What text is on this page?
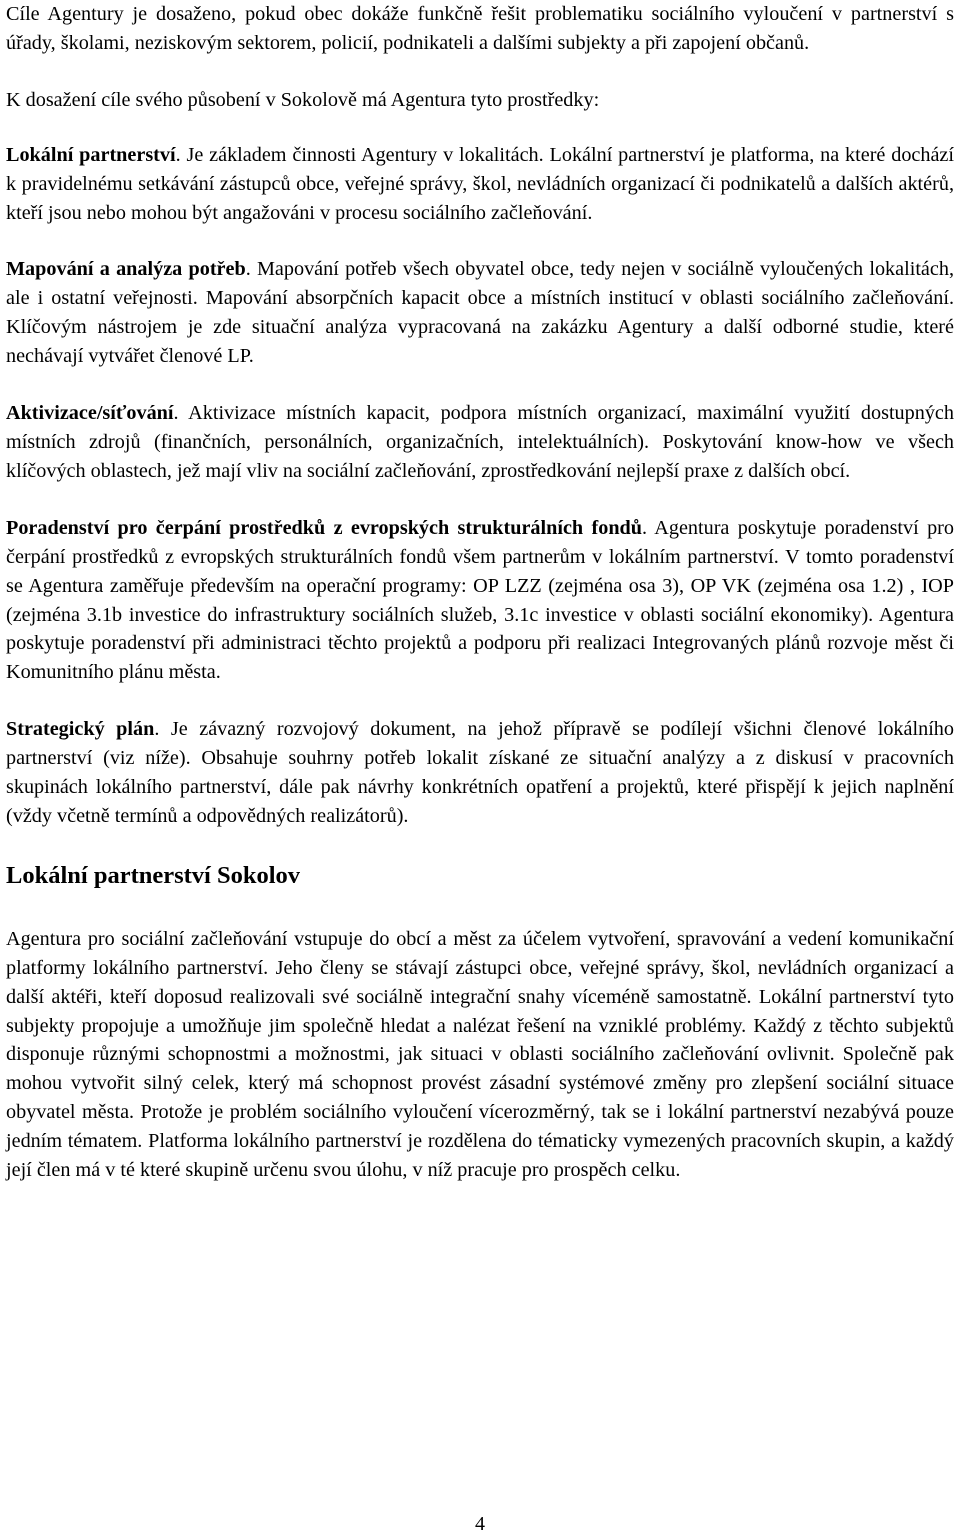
Cíle Agentury je dosaženo, pokud obec dokáže funkčně řešit problematiku sociálního vyloučení v partnerství s úřady, školami, neziskovým sektorem, policií, podnikateli a dalšími subjekty a při zapojení občanů.

K dosažení cíle svého působení v Sokolově má Agentura tyto prostředky:

Lokální partnerství. Je základem činnosti Agentury v lokalitách. Lokální partnerství je platforma, na které dochází k pravidelnému setkávání zástupců obce, veřejné správy, škol, nevládních organizací či podnikatelů a dalších aktérů, kteří jsou nebo mohou být angažováni v procesu sociálního začleňování.

Mapování a analýza potřeb. Mapování potřeb všech obyvatel obce, tedy nejen v sociálně vyloučených lokalitách, ale i ostatní veřejnosti. Mapování absorpčních kapacit obce a místních institucí v oblasti sociálního začleňování. Klíčovým nástrojem je zde situační analýza vypracovaná na zakázku Agentury a další odborné studie, které nechávají vytvářet členové LP.

Aktivizace/síťování. Aktivizace místních kapacit, podpora místních organizací, maximální využití dostupných místních zdrojů (finančních, personálních, organizačních, intelektuálních). Poskytování know-how ve všech klíčových oblastech, jež mají vliv na sociální začleňování, zprostředkování nejlepší praxe z dalších obcí.

Poradenství pro čerpání prostředků z evropských strukturálních fondů. Agentura poskytuje poradenství pro čerpání prostředků z evropských strukturálních fondů všem partnerům v lokálním partnerství. V tomto poradenství se Agentura zaměřuje především na operační programy: OP LZZ (zejména osa 3), OP VK (zejména osa 1.2) , IOP (zejména 3.1b investice do infrastruktury sociálních služeb, 3.1c investice v oblasti sociální ekonomiky). Agentura poskytuje poradenství při administraci těchto projektů a podporu při realizaci Integrovaných plánů rozvoje měst či Komunitního plánu města.

Strategický plán. Je závazný rozvojový dokument, na jehož přípravě se podílejí všichni členové lokálního partnerství (viz níže). Obsahuje souhrny potřeb lokalit získané ze situační analýzy a z diskusí v pracovních skupinách lokálního partnerství, dále pak návrhy konkrétních opatření a projektů, které přispějí k jejich naplnění (vždy včetně termínů a odpovědných realizátorů).

Lokální partnerství Sokolov

Agentura pro sociální začleňování vstupuje do obcí a měst za účelem vytvoření, spravování a vedení komunikační platformy lokálního partnerství. Jeho členy se stávají zástupci obce, veřejné správy, škol, nevládních organizací a další aktéři, kteří doposud realizovali své sociálně integrační snahy víceméně samostatně. Lokální partnerství tyto subjekty propojuje a umožňuje jim společně hledat a nalézat řešení na vzniklé problémy. Každý z těchto subjektů disponuje různými schopnostmi a možnostmi, jak situaci v oblasti sociálního začleňování ovlivnit. Společně pak mohou vytvořit silný celek, který má schopnost provést zásadní systémové změny pro zlepšení sociální situace obyvatel města. Protože je problém sociálního vyloučení vícerozměrný, tak se i lokální partnerství nezabývá pouze jedním tématem. Platforma lokálního partnerství je rozdělena do tématicky vymezených pracovních skupin, a každý její člen má v té které skupině určenu svou úlohu, v níž pracuje pro prospěch celku.

4
